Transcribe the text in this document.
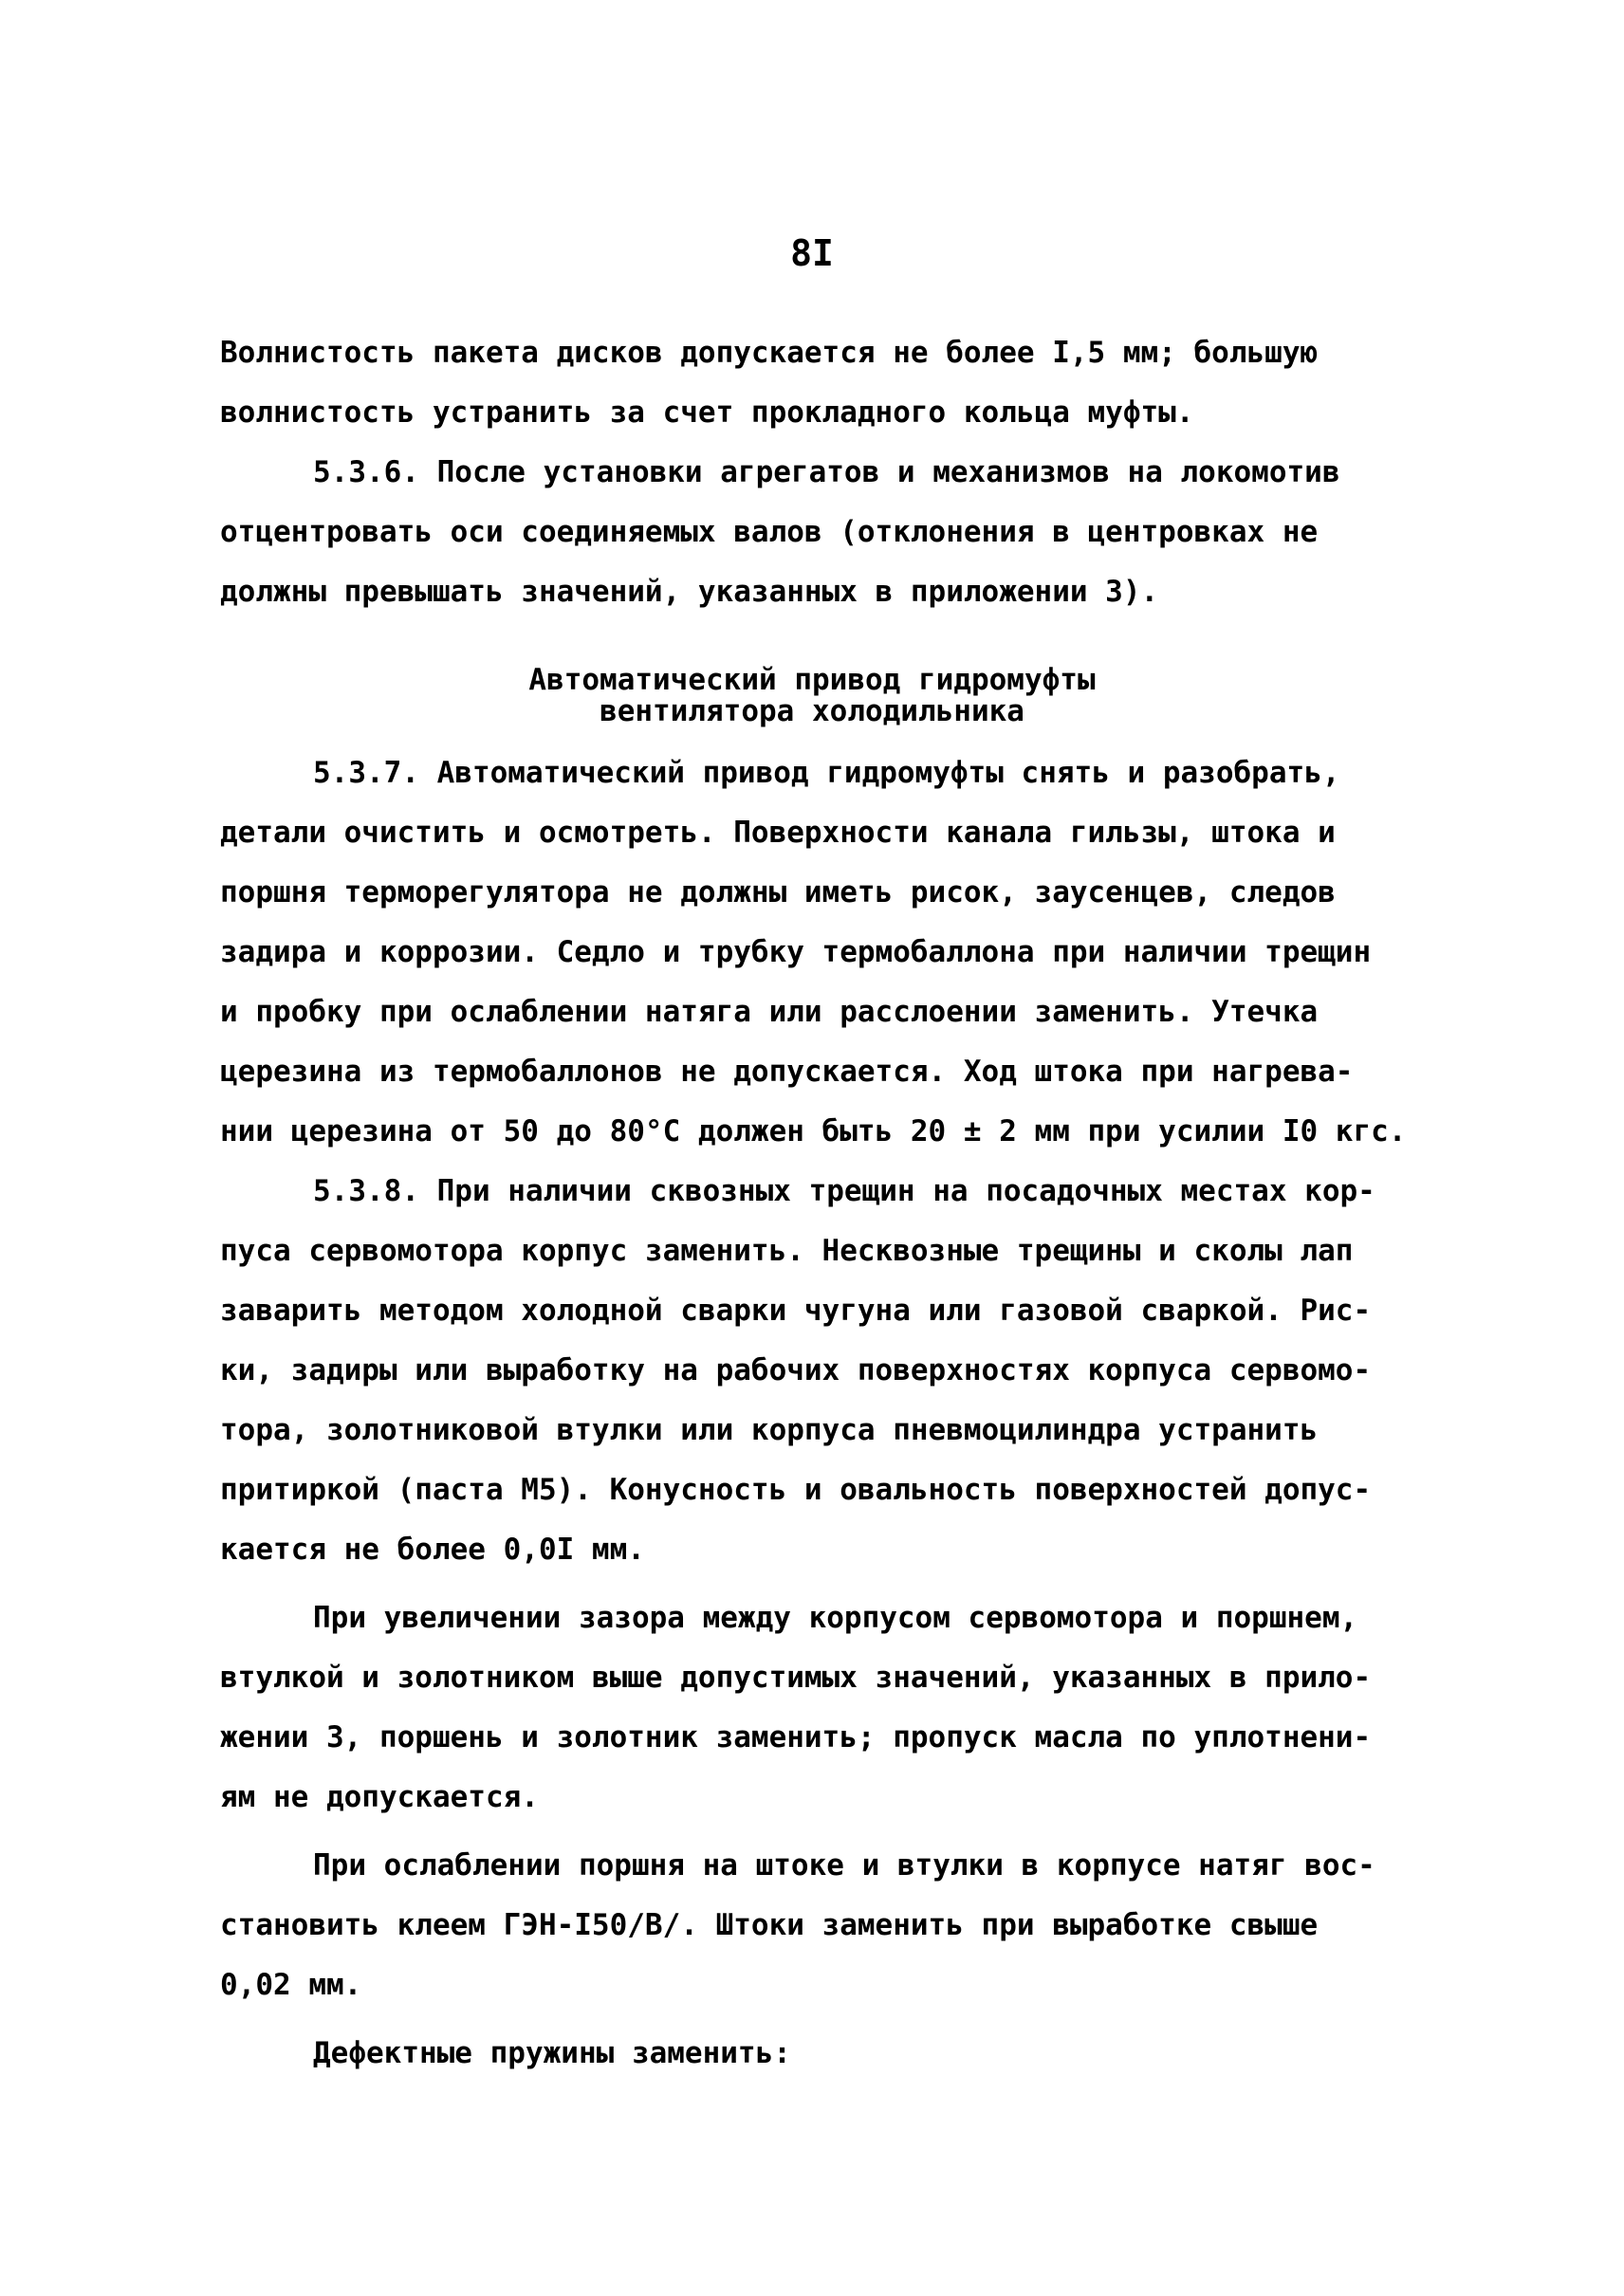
8I
Волнистость пакета дисков допускается не более I,5 мм; большую
волнистость устранить за счет прокладного кольца муфты.
5.3.6. После установки агрегатов и механизмов на локомотив
отцентровать оси соединяемых валов (отклонения в центровках не
должны превышать значений, указанных в приложении 3).
Автоматический привод гидромуфты
вентилятора холодильника
5.3.7. Автоматический привод гидромуфты снять и разобрать,
детали очистить и осмотреть. Поверхности канала гильзы, штока и
поршня терморегулятора не должны иметь рисок, заусенцев, следов
задира и коррозии. Седло и трубку термобаллона при наличии трещин
и пробку при ослаблении натяга или расслоении заменить. Утечка
церезина из термобаллонов не допускается. Ход штока при нагрева-
нии церезина от 50 до 80°С должен быть 20 ± 2 мм при усилии I0 кгс.
5.3.8. При наличии сквозных трещин на посадочных местах кор-
пуса сервомотора корпус заменить. Несквозные трещины и сколы лап
заварить методом холодной сварки чугуна или газовой сваркой. Рис-
ки, задиры или выработку на рабочих поверхностях корпуса сервомо-
тора, золотниковой втулки или корпуса пневмоцилиндра устранить
притиркой (паста М5). Конусность и овальность поверхностей допус-
кается не более 0,0I мм.
При увеличении зазора между корпусом сервомотора и поршнем,
втулкой и золотником выше допустимых значений, указанных в прило-
жении 3, поршень и золотник заменить; пропуск масла по уплотнени-
ям не допускается.
При ослаблении поршня на штоке и втулки в корпусе натяг вос-
становить клеем ГЭН-I50/В/. Штоки заменить при выработке свыше
0,02 мм.
Дефектные пружины заменить:
